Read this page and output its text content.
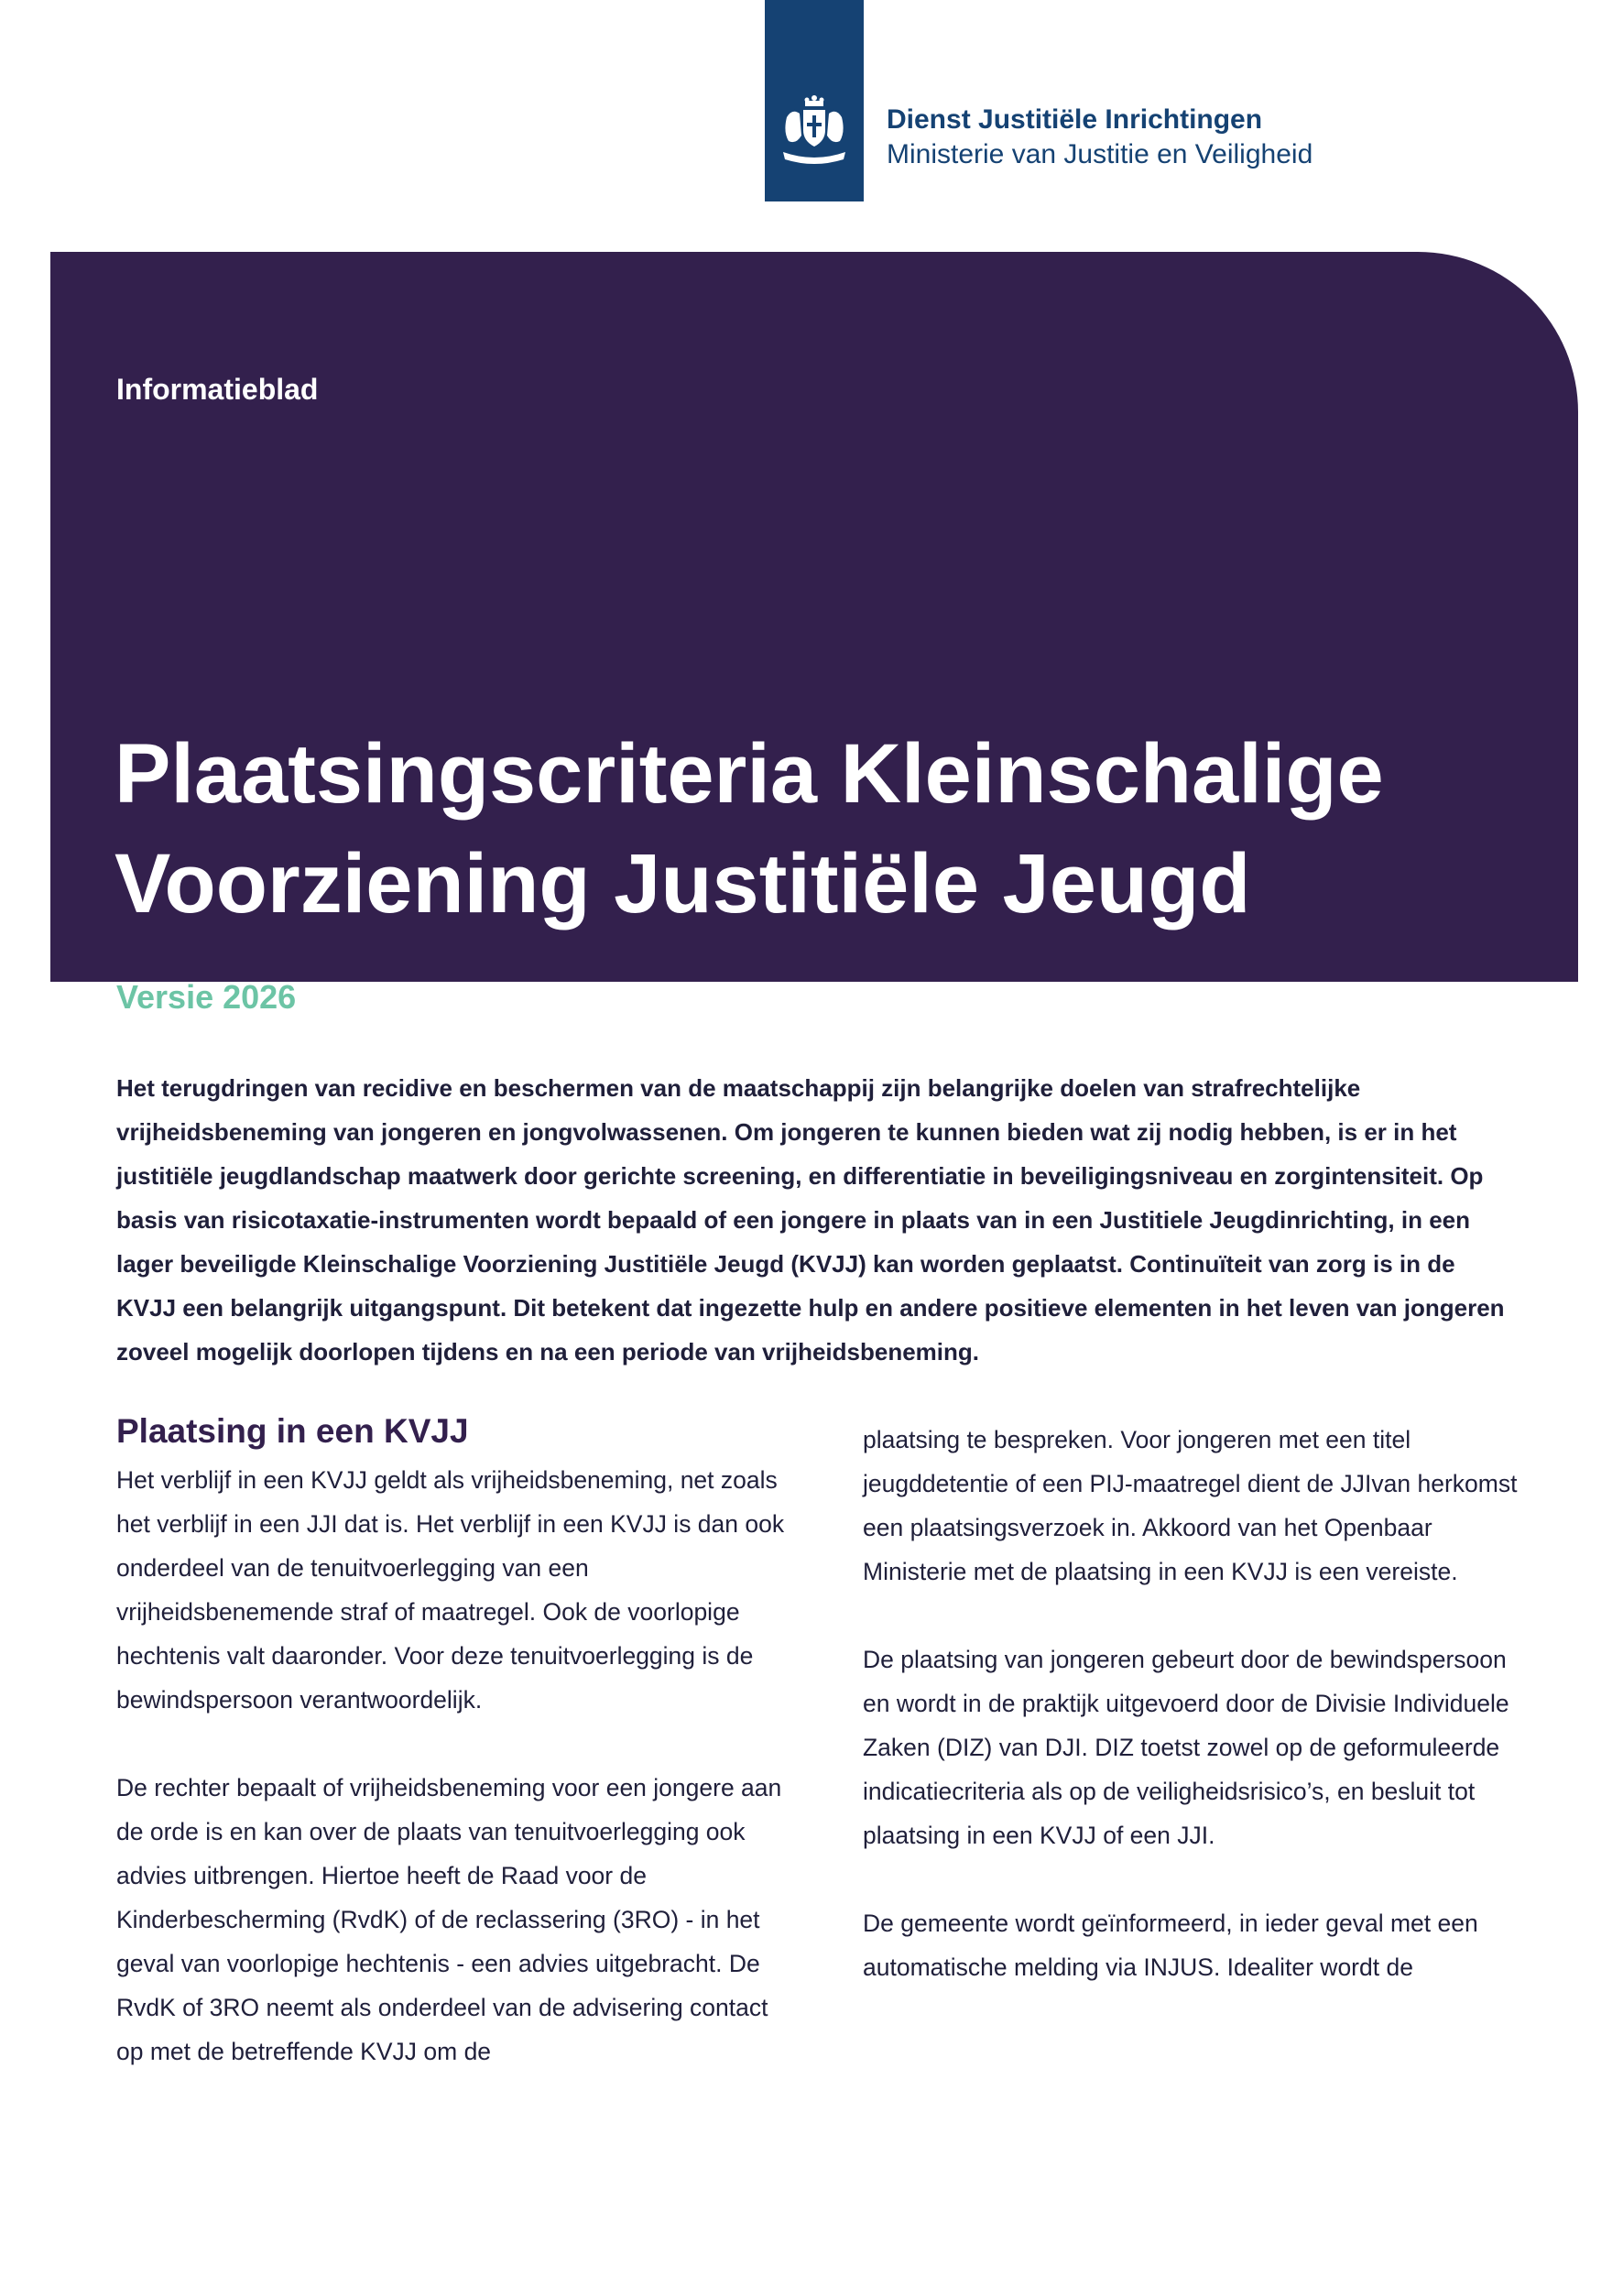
Dienst Justitiële Inrichtingen
Ministerie van Justitie en Veiligheid
Informatieblad
Plaatsingscriteria Kleinschalige Voorziening Justitiële Jeugd
Versie 2026

Het terugdringen van recidive en beschermen van de maatschappij zijn belangrijke doelen van strafrechtelijke vrijheidsbeneming van jongeren en jongvolwassenen. Om jongeren te kunnen bieden wat zij nodig hebben, is er in het justitiële jeugdlandschap maatwerk door gerichte screening, en differentiatie in beveiligingsniveau en zorgintensiteit. Op basis van risicotaxatie-instrumenten wordt bepaald of een jongere in plaats van in een Justitiele Jeugdinrichting, in een lager beveiligde Kleinschalige Voorziening Justitiële Jeugd (KVJJ) kan worden geplaatst. Continuïteit van zorg is in de KVJJ een belangrijk uitgangspunt. Dit betekent dat ingezette hulp en andere positieve elementen in het leven van jongeren zoveel mogelijk doorlopen tijdens en na een periode van vrijheidsbeneming.

Plaatsing in een KVJJ

Het verblijf in een KVJJ geldt als vrijheidsbeneming, net zoals het verblijf in een JJI dat is. Het verblijf in een KVJJ is dan ook onderdeel van de tenuitvoerlegging van een vrijheidsbenemende straf of maatregel. Ook de voorlopige hechtenis valt daaronder. Voor deze tenuitvoerlegging is de bewindspersoon verantwoordelijk.

De rechter bepaalt of vrijheidsbeneming voor een jongere aan de orde is en kan over de plaats van tenuitvoerlegging ook advies uitbrengen. Hiertoe heeft de Raad voor de Kinderbescherming (RvdK) of de reclassering (3RO) - in het geval van voorlopige hechtenis - een advies uitgebracht. De RvdK of 3RO neemt als onderdeel van de advisering contact op met de betreffende KVJJ om de

plaatsing te bespreken. Voor jongeren met een titel jeugddetentie of een PIJ-maatregel dient de JJIvan herkomst een plaatsingsverzoek in. Akkoord van het Openbaar Ministerie met de plaatsing in een KVJJ is een vereiste.

De plaatsing van jongeren gebeurt door de bewindspersoon en wordt in de praktijk uitgevoerd door de Divisie Individuele Zaken (DIZ) van DJI. DIZ toetst zowel op de geformuleerde indicatiecriteria als op de veiligheidsrisico’s, en besluit tot plaatsing in een KVJJ of een JJI.

De gemeente wordt geïnformeerd, in ieder geval met een automatische melding via INJUS. Idealiter wordt de
